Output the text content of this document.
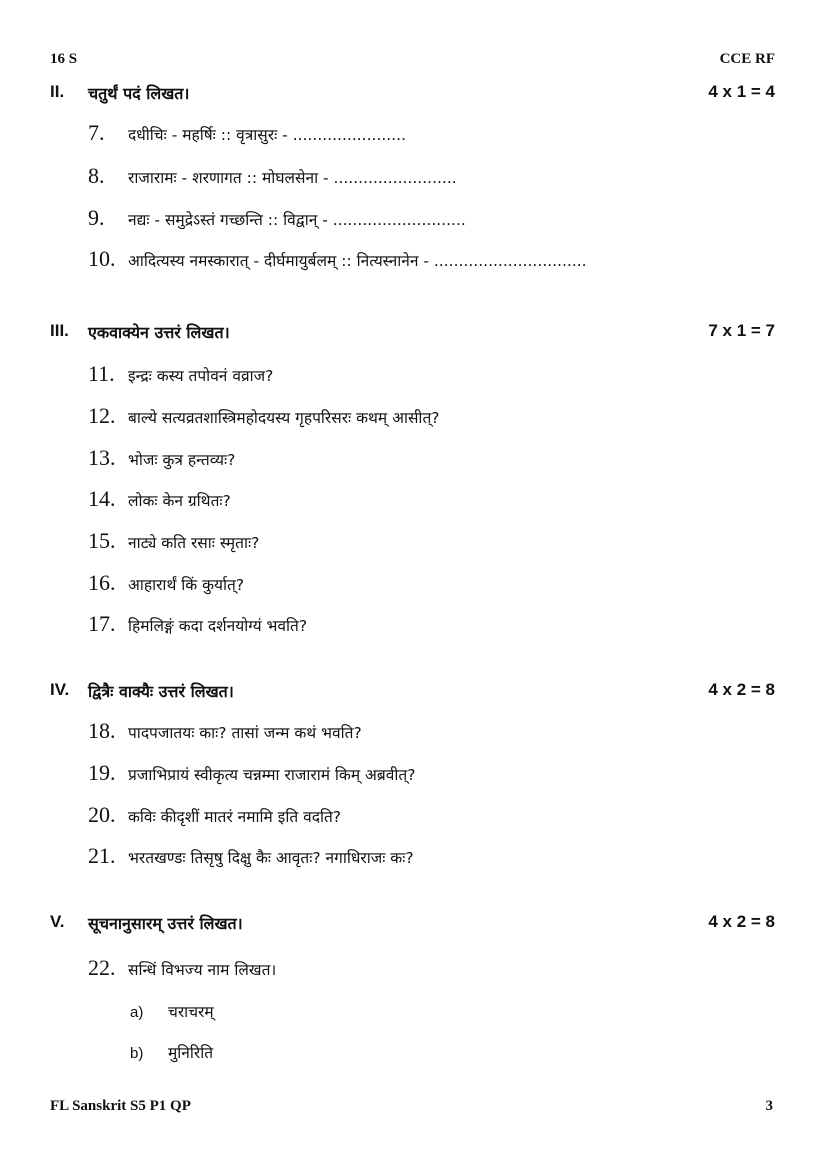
16 S	CCE RF
II. चतुर्थं पदं लिखत।	4 x 1 = 4
7. दधीचिः - महर्षिः :: वृत्रासुरः - .......................
8. राजारामः - शरणागत :: मोघलसेना - .........................
9. नद्यः - समुद्रेऽस्तं गच्छन्ति :: विद्वान् - ...........................
10. आदित्यस्य नमस्कारात् - दीर्घमायुर्बलम् :: नित्यस्नानेन - ...............................
III. एकवाक्येन उत्तरं लिखत।	7 x 1 = 7
11. इन्द्रः कस्य तपोवनं वव्राज?
12. बाल्ये सत्यव्रतशास्त्रिमहोदयस्य गृहपरिसरः कथम् आसीत्?
13. भोजः कुत्र हन्तव्यः?
14. लोकः केन ग्रथितः?
15. नाट्ये कति रसाः स्मृताः?
16. आहारार्थं किं कुर्यात्?
17. हिमलिङ्गं कदा दर्शनयोग्यं भवति?
IV. द्वित्रैः वाक्यैः उत्तरं लिखत।	4 x 2 = 8
18. पादपजातयः काः? तासां जन्म कथं भवति?
19. प्रजाभिप्रायं स्वीकृत्य चन्नम्मा राजारामं किम् अब्रवीत्?
20. कविः कीदृशीं मातरं नमामि इति वदति?
21. भरतखण्डः तिसृषु दिक्षु कैः आवृतः? नगाधिराजः कः?
V. सूचनानुसारम् उत्तरं लिखत।	4 x 2 = 8
22. सन्धिं विभज्य नाम लिखत।
a) चराचरम्
b) मुनिरिति
FL Sanskrit S5 P1 QP	3
